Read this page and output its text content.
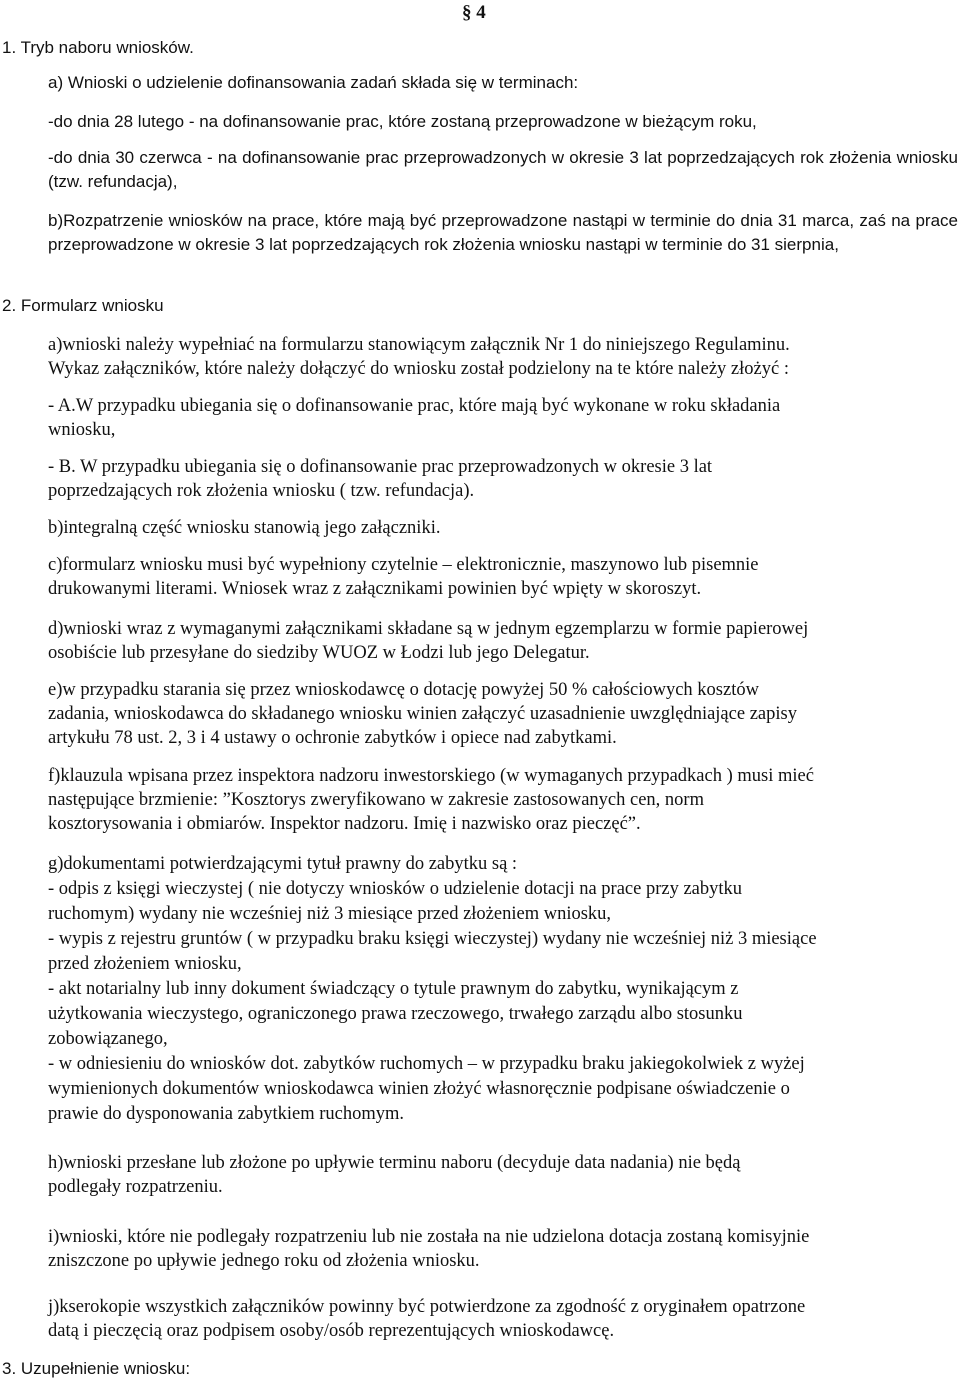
§ 4
1. Tryb naboru wniosków.
a) Wnioski o udzielenie dofinansowania zadań składa się w terminach:
-do dnia 28 lutego - na dofinansowanie prac, które zostaną przeprowadzone w bieżącym roku,
-do dnia 30 czerwca - na dofinansowanie prac przeprowadzonych w okresie 3 lat poprzedzających rok złożenia wniosku (tzw. refundacja),
b)Rozpatrzenie wniosków na prace, które mają być przeprowadzone nastąpi w terminie do dnia 31 marca, zaś na prace przeprowadzone w okresie 3 lat poprzedzających rok złożenia wniosku nastąpi w terminie do 31 sierpnia,
2. Formularz wniosku
a)wnioski należy wypełniać na formularzu stanowiącym załącznik Nr 1 do niniejszego Regulaminu.
Wykaz załączników, które należy dołączyć do wniosku został podzielony na te które należy złożyć :
- A.W przypadku ubiegania się o dofinansowanie prac, które mają być wykonane w roku składania
wniosku,
- B. W przypadku ubiegania się o dofinansowanie prac przeprowadzonych w okresie 3 lat
poprzedzających rok złożenia wniosku ( tzw. refundacja).
b)integralną część wniosku stanowią jego załączniki.
c)formularz wniosku musi być wypełniony czytelnie – elektronicznie, maszynowo lub pisemnie
drukowanymi literami. Wniosek wraz z załącznikami powinien być wpięty w skoroszyt.
d)wnioski wraz z wymaganymi załącznikami składane są w jednym egzemplarzu w formie papierowej
osobiście lub przesyłane do siedziby WUOZ w Łodzi lub jego Delegatur.
e)w przypadku starania się przez wnioskodawcę o dotację powyżej 50 % całościowych kosztów
zadania, wnioskodawca do składanego wniosku winien załączyć uzasadnienie uwzględniające zapisy
artykułu 78 ust. 2, 3 i 4 ustawy o ochronie zabytków i opiece nad zabytkami.
f)klauzula wpisana przez inspektora nadzoru inwestorskiego (w wymaganych przypadkach ) musi mieć
następujące brzmienie: ”Kosztorys zweryfikowano w zakresie zastosowanych cen, norm
kosztorysowania i obmiarów. Inspektor nadzoru. Imię i nazwisko oraz pieczęć”.
g)dokumentami potwierdzającymi tytuł prawny do zabytku są :
- odpis z księgi wieczystej ( nie dotyczy wniosków o udzielenie dotacji na prace przy zabytku
ruchomym) wydany nie wcześniej niż 3 miesiące przed złożeniem wniosku,
- wypis z rejestru gruntów ( w przypadku braku księgi wieczystej) wydany nie wcześniej niż 3 miesiące
przed złożeniem wniosku,
- akt notarialny lub inny dokument świadczący o tytule prawnym do zabytku, wynikającym z
użytkowania wieczystego, ograniczonego prawa rzeczowego, trwałego zarządu albo stosunku
zobowiązanego,
- w odniesieniu do wniosków dot. zabytków ruchomych – w przypadku braku jakiegokolwiek z wyżej
wymienionych dokumentów wnioskodawca winien złożyć własnoręcznie podpisane oświadczenie o
prawie do dysponowania zabytkiem ruchomym.
h)wnioski przesłane lub złożone po upływie terminu naboru (decyduje data nadania) nie będą
podlegały rozpatrzeniu.
i)wnioski, które nie podlegały rozpatrzeniu lub nie została na nie udzielona dotacja zostaną komisyjnie
zniszczone po upływie jednego roku od złożenia wniosku.
j)kserokopie wszystkich załączników powinny być potwierdzone za zgodność z oryginałem opatrzone
datą i pieczęcią oraz podpisem osoby/osób reprezentujących wnioskodawcę.
3. Uzupełnienie wniosku:
